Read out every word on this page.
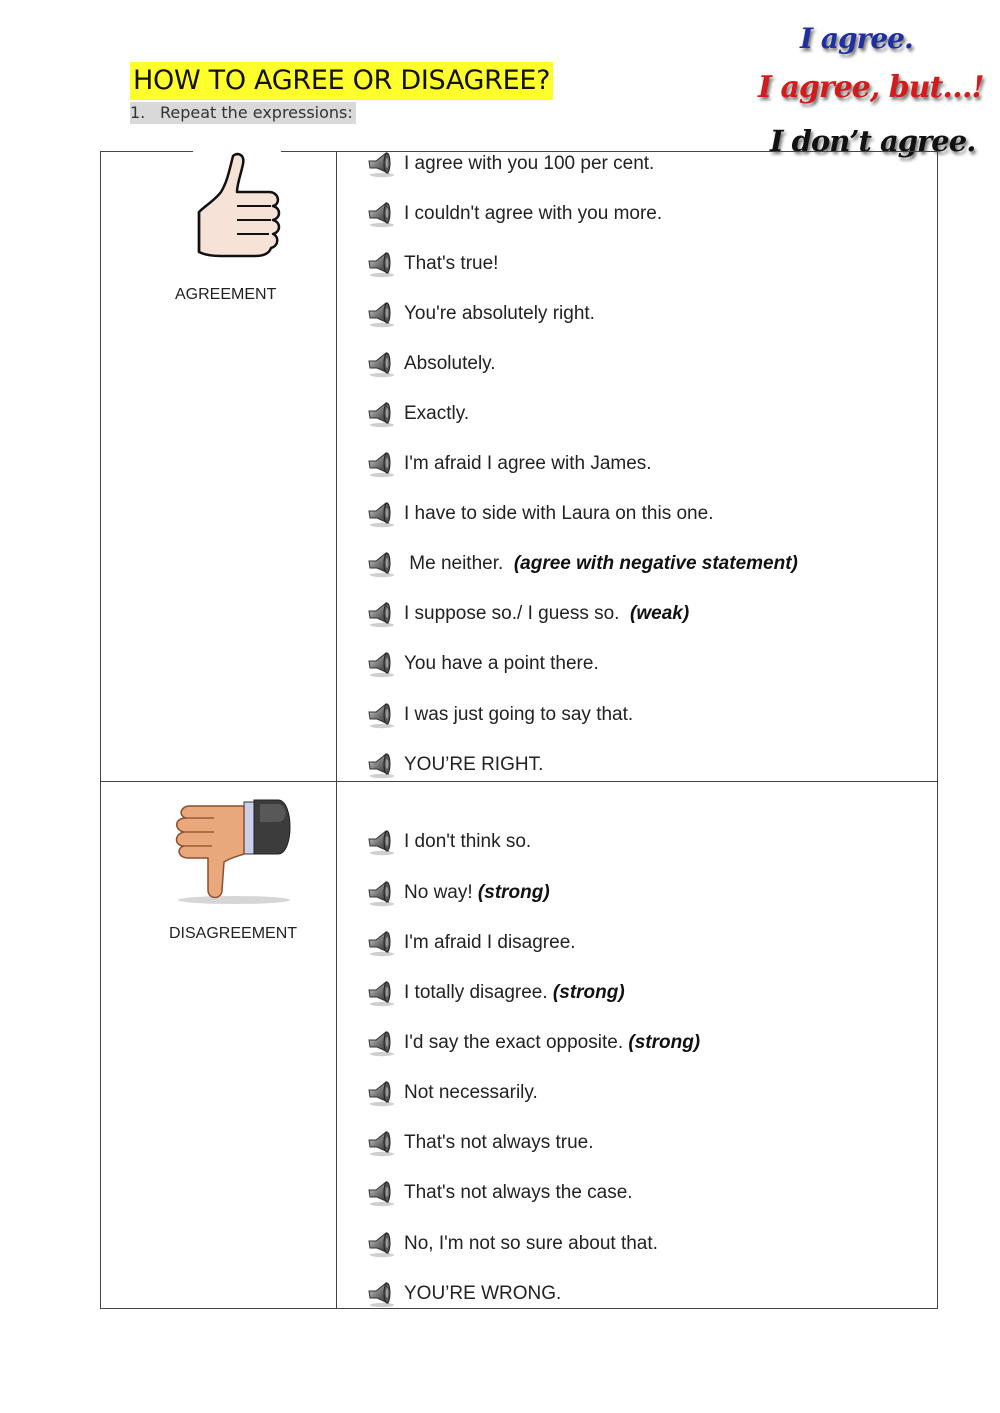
HOW TO AGREE OR DISAGREE?
1. Repeat the expressions:
I agree.
I agree, but…!
I don’t agree.
AGREEMENT
DISAGREEMENT
I agree with you 100 per cent.
I couldn't agree with you more.
That's true!
You're absolutely right.
Absolutely.
Exactly.
I'm afraid I agree with James.
I have to side with Laura on this one.
Me neither. (agree with negative statement)
I suppose so./ I guess so. (weak)
You have a point there.
I was just going to say that.
YOU’RE RIGHT.
I don't think so.
No way! (strong)
I'm afraid I disagree.
I totally disagree. (strong)
I'd say the exact opposite. (strong)
Not necessarily.
That's not always true.
That's not always the case.
No, I'm not so sure about that.
YOU’RE WRONG.
